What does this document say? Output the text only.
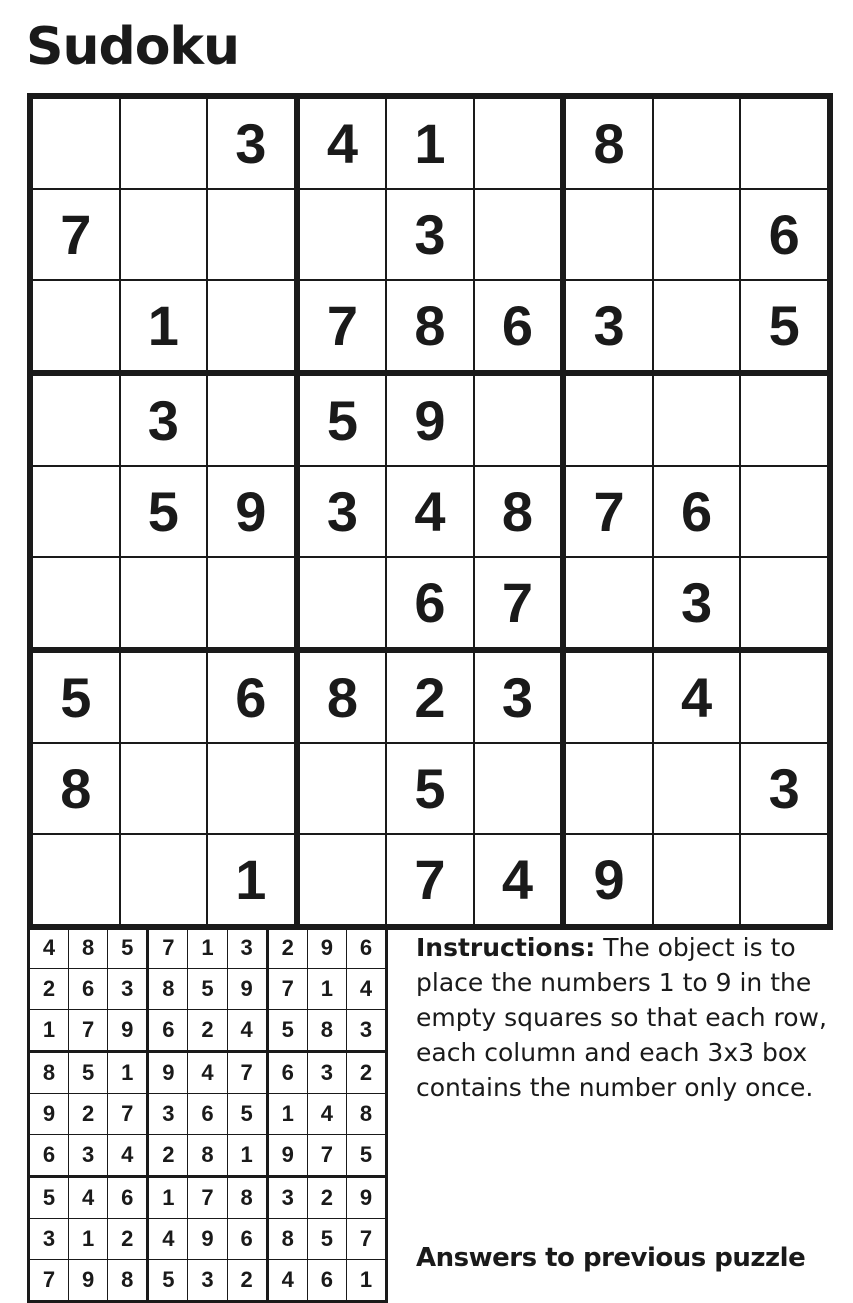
Sudoku
		3	4	1		8		
7				3				6
	1		7	8	6	3		5
	3		5	9				
	5	9	3	4	8	7	6	
				6	7		3	
5		6	8	2	3		4	
8				5				3
		1		7	4	9		
4	8	5	7	1	3	2	9	6
2	6	3	8	5	9	7	1	4
1	7	9	6	2	4	5	8	3
8	5	1	9	4	7	6	3	2
9	2	7	3	6	5	1	4	8
6	3	4	2	8	1	9	7	5
5	4	6	1	7	8	3	2	9
3	1	2	4	9	6	8	5	7
7	9	8	5	3	2	4	6	1
Instructions: The object is to place the numbers 1 to 9 in the empty squares so that each row, each column and each 3x3 box contains the number only once.
Answers to previous puzzle
